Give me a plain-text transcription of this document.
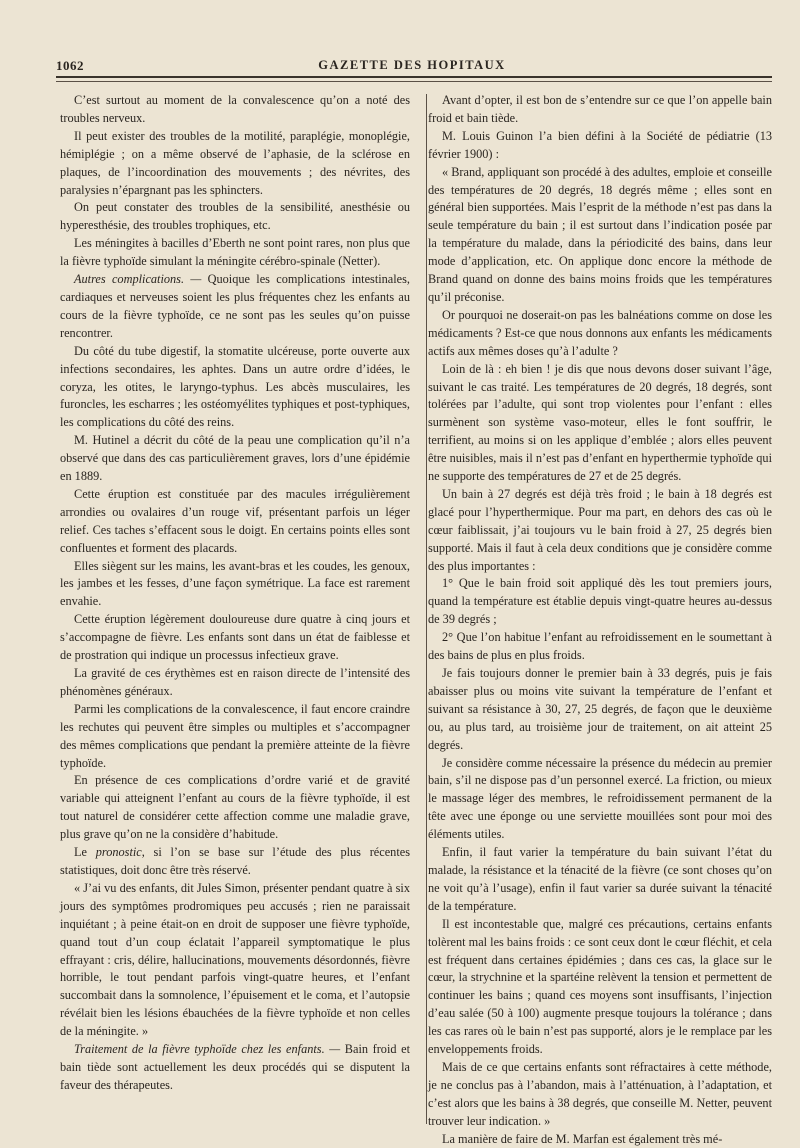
1062	GAZETTE DES HOPITAUX

C’est surtout au moment de la convalescence qu’on a noté des troubles nerveux.

Il peut exister des troubles de la motilité, paraplégie, monoplégie, hémiplégie ; on a même observé de l’aphasie, de la sclérose en plaques, de l’incoordination des mouvements ; des névrites, des paralysies n’épargnant pas les sphincters.

On peut constater des troubles de la sensibilité, anesthésie ou hyperesthésie, des troubles trophiques, etc.

Les méningites à bacilles d’Eberth ne sont point rares, non plus que la fièvre typhoïde simulant la méningite cérébro-spinale (Netter).

Autres complications. — Quoique les complications intestinales, cardiaques et nerveuses soient les plus fréquentes chez les enfants au cours de la fièvre typhoïde, ce ne sont pas les seules qu’on puisse rencontrer.

Du côté du tube digestif, la stomatite ulcéreuse, porte ouverte aux infections secondaires, les aphtes. Dans un autre ordre d’idées, le coryza, les otites, le laryngo-typhus. Les abcès musculaires, les furoncles, les escharres ; les ostéomyélites typhiques et post-typhiques, les complications du côté des reins.

M. Hutinel a décrit du côté de la peau une complication qu’il n’a observé que dans des cas particulièrement graves, lors d’une épidémie en 1889.

Cette éruption est constituée par des macules irrégulièrement arrondies ou ovalaires d’un rouge vif, présentant parfois un léger relief. Ces taches s’effacent sous le doigt. En certains points elles sont confluentes et forment des placards.

Elles siègent sur les mains, les avant-bras et les coudes, les genoux, les jambes et les fesses, d’une façon symétrique. La face est rarement envahie.

Cette éruption légèrement douloureuse dure quatre à cinq jours et s’accompagne de fièvre. Les enfants sont dans un état de faiblesse et de prostration qui indique un processus infectieux grave.

La gravité de ces érythèmes est en raison directe de l’intensité des phénomènes généraux.

Parmi les complications de la convalescence, il faut encore craindre les rechutes qui peuvent être simples ou multiples et s’accompagner des mêmes complications que pendant la première atteinte de la fièvre typhoïde.

En présence de ces complications d’ordre varié et de gravité variable qui atteignent l’enfant au cours de la fièvre typhoïde, il est tout naturel de considérer cette affection comme une maladie grave, plus grave qu’on ne la considère d’habitude.

Le pronostic, si l’on se base sur l’étude des plus récentes statistiques, doit donc être très réservé.

« J’ai vu des enfants, dit Jules Simon, présenter pendant quatre à six jours des symptômes prodromiques peu accusés ; rien ne paraissait inquiétant ; à peine était-on en droit de supposer une fièvre typhoïde, quand tout d’un coup éclatait l’appareil symptomatique le plus effrayant : cris, délire, hallucinations, mouvements désordonnés, fièvre horrible, le tout pendant parfois vingt-quatre heures, et l’enfant succombait dans la somnolence, l’épuisement et le coma, et l’autopsie révélait bien les lésions ébauchées de la fièvre typhoïde et non celles de la méningite. »

Traitement de la fièvre typhoïde chez les enfants. — Bain froid et bain tiède sont actuellement les deux procédés qui se disputent la faveur des thérapeutes.

Avant d’opter, il est bon de s’entendre sur ce que l’on appelle bain froid et bain tiède.

M. Louis Guinon l’a bien défini à la Société de pédiatrie (13 février 1900) :

« Brand, appliquant son procédé à des adultes, emploie et conseille des températures de 20 degrés, 18 degrés même ; elles sont en général bien supportées. Mais l’esprit de la méthode n’est pas dans la seule température du bain ; il est surtout dans l’indication posée par la température du malade, dans la périodicité des bains, dans leur mode d’application, etc. On applique donc encore la méthode de Brand quand on donne des bains moins froids que les températures qu’il préconise.

Or pourquoi ne doserait-on pas les balnéations comme on dose les médicaments ? Est-ce que nous donnons aux enfants les médicaments actifs aux mêmes doses qu’à l’adulte ?

Loin de là : eh bien ! je dis que nous devons doser suivant l’âge, suivant le cas traité. Les températures de 20 degrés, 18 degrés, sont tolérées par l’adulte, qui sont trop violentes pour l’enfant : elles surmènent son système vaso-moteur, elles le font souffrir, le terrifient, au moins si on les applique d’emblée ; alors elles peuvent être nuisibles, mais il n’est pas d’enfant en hyperthermie typhoïde qui ne supporte des températures de 27 et de 25 degrés.

Un bain à 27 degrés est déjà très froid ; le bain à 18 degrés est glacé pour l’hyperthermique. Pour ma part, en dehors des cas où le cœur faiblissait, j’ai toujours vu le bain froid à 27, 25 degrés bien supporté. Mais il faut à cela deux conditions que je considère comme des plus importantes :

1° Que le bain froid soit appliqué dès les tout premiers jours, quand la température est établie depuis vingt-quatre heures au-dessus de 39 degrés ;

2° Que l’on habitue l’enfant au refroidissement en le soumettant à des bains de plus en plus froids.

Je fais toujours donner le premier bain à 33 degrés, puis je fais abaisser plus ou moins vite suivant la température de l’enfant et suivant sa résistance à 30, 27, 25 degrés, de façon que le deuxième ou, au plus tard, au troisième jour de traitement, on ait atteint 25 degrés.

Je considère comme nécessaire la présence du médecin au premier bain, s’il ne dispose pas d’un personnel exercé. La friction, ou mieux le massage léger des membres, le refroidissement permanent de la tête avec une éponge ou une serviette mouillées sont pour moi des éléments utiles.

Enfin, il faut varier la température du bain suivant l’état du malade, la résistance et la ténacité de la fièvre (ce sont choses qu’on ne voit qu’à l’usage), enfin il faut varier sa durée suivant la ténacité de la température.

Il est incontestable que, malgré ces précautions, certains enfants tolèrent mal les bains froids : ce sont ceux dont le cœur fléchit, et cela est fréquent dans certaines épidémies ; dans ces cas, la glace sur le cœur, la strychnine et la spartéine relèvent la tension et permettent de continuer les bains ; quand ces moyens sont insuffisants, l’injection d’eau salée (50 à 100) augmente presque toujours la tolérance ; dans les cas rares où le bain n’est pas supporté, alors je le remplace par les enveloppements froids.

Mais de ce que certains enfants sont réfractaires à cette méthode, je ne conclus pas à l’abandon, mais à l’atténuation, à l’adaptation, et c’est alors que les bains à 38 degrés, que conseille M. Netter, peuvent trouver leur indication. »

La manière de faire de M. Marfan est également très mé-
